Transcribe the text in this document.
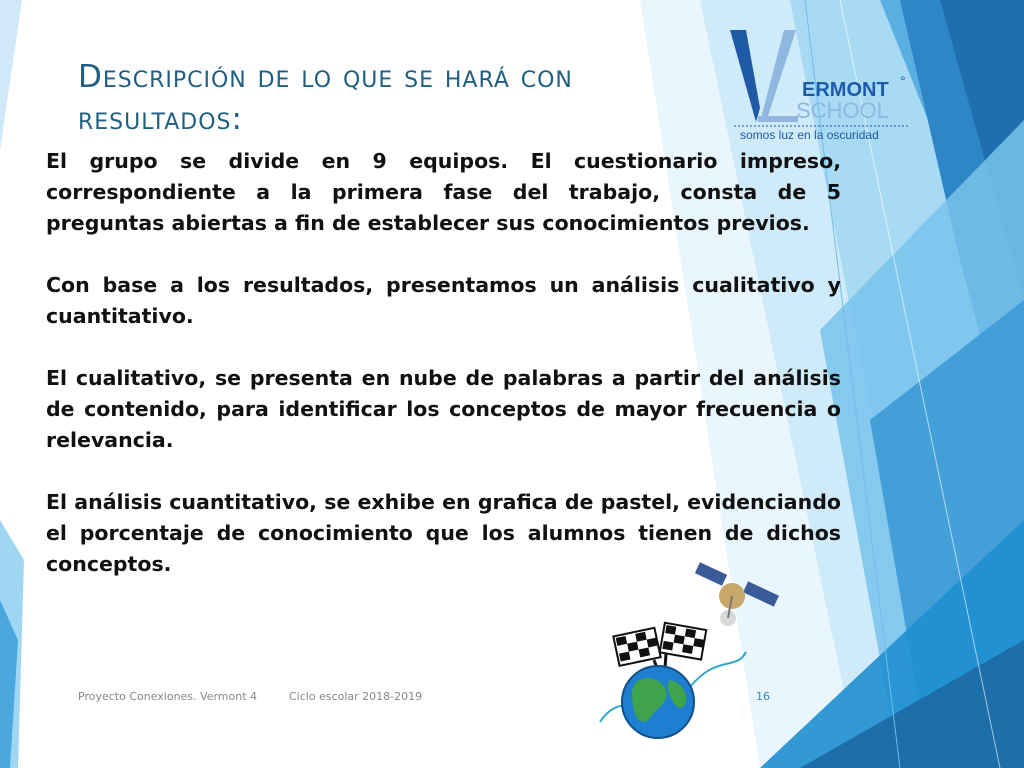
ERMONT °
SCHOOL
somos luz en la oscuridad
Descripción de lo que se hará con resultados:

El grupo se divide en 9 equipos. El cuestionario impreso, correspondiente a la primera fase del trabajo, consta de 5 preguntas abiertas a fin de establecer sus conocimientos previos.

Con base a los resultados, presentamos un análisis cualitativo y cuantitativo.

El cualitativo, se presenta en nube de palabras a partir del análisis de contenido, para identificar los conceptos de mayor frecuencia o relevancia.

El análisis cuantitativo, se exhibe en grafica de pastel, evidenciando el porcentaje de conocimiento que los alumnos tienen de dichos conceptos.

Proyecto Conexiones. Vermont 4	Ciclo escolar 2018-2019	16
